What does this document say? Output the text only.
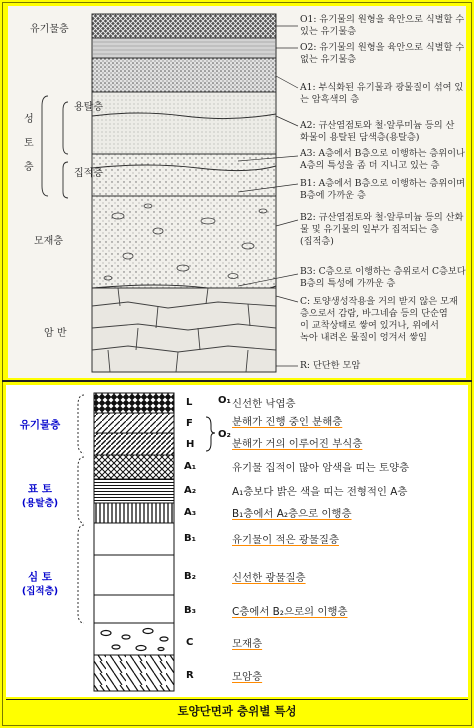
유기물층
용탈층
성
토
층
집적층
모재층
암 반
O1: 유기물의 원형을 육안으로 식별할 수
있는 유기물층
O2: 유기물의 원형을 육안으로 식별할 수
없는 유기물층
A1: 부식화된 유기물과 광물질이 섞여 있
는 암흑색의 층
A2: 규산염점토와 철·알루미늄 등의 산
화물이 용탈된 담색층(용탈층)
A3: A층에서 B층으로 이행하는 층위이나
A층의 특성을 좀 더 지니고 있는 층
B1: A층에서 B층으로 이행하는 층위이며
B층에 가까운 층
B2: 규산염점토와 철·알루미늄 등의 산화
물 및 유기물의 일부가 집적되는 층
(집적층)
B3: C층으로 이행하는 층위로서 C층보다
B층의 특성에 가까운 층
C: 토양생성작용을 거의 받지 않은 모재
층으로서 감람, 바그네슘 등의 단순염
이 교착상태로 쌓여 있거나, 위에서
녹아 내려온 물질이 엉겨서 쌓임
R: 단단한 모암
유기물층
표 토
(용탈층)
심 토
(집적층)
L
F
H
A₁
A₂
A₃
B₁
B₂
B₃
C
R
O₁
O₂
신선한 낙엽층
분해가 진행 중인 분해층
분해가 거의 이루어진 부식층
유기물 집적이 많아 암색을 띠는 토양층
A₁층보다 밝은 색을 띠는 전형적인 A층
B₁층에서 A₂층으로 이행층
유기물이 적은 광물질층
신선한 광물질층
C층에서 B₂으로의 이행층
모재층
모암층
토양단면과 층위별 특성
